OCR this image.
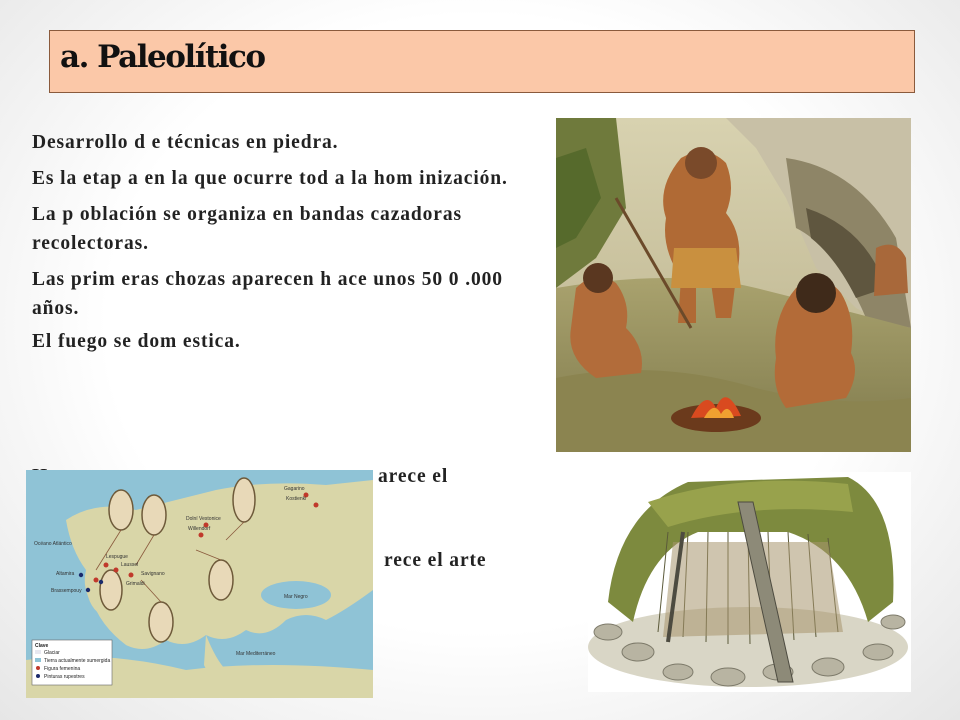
a. Paleolítico

Desarrollo d e técnicas en piedra.

Es la etap a en la que ocurre tod a la hom inización.

La p oblación se organiza en bandas cazadoras recolectoras.

Las prim eras chozas aparecen h ace unos 50 0 .000 años.

El fuego se dom estica.

arece el
rece el arte
Gagarino
Kostienki
Dolní Vestonice
Willendorf
Lespugue
Laussel
Grimaldi
Savignano
Altamira
Brassempouy
Océano Atlántico
Mar Negro
Mar Mediterráneo
Clave
Glaciar
Tierra actualmente sumergida
Figura femenina
Pinturas rupestres
